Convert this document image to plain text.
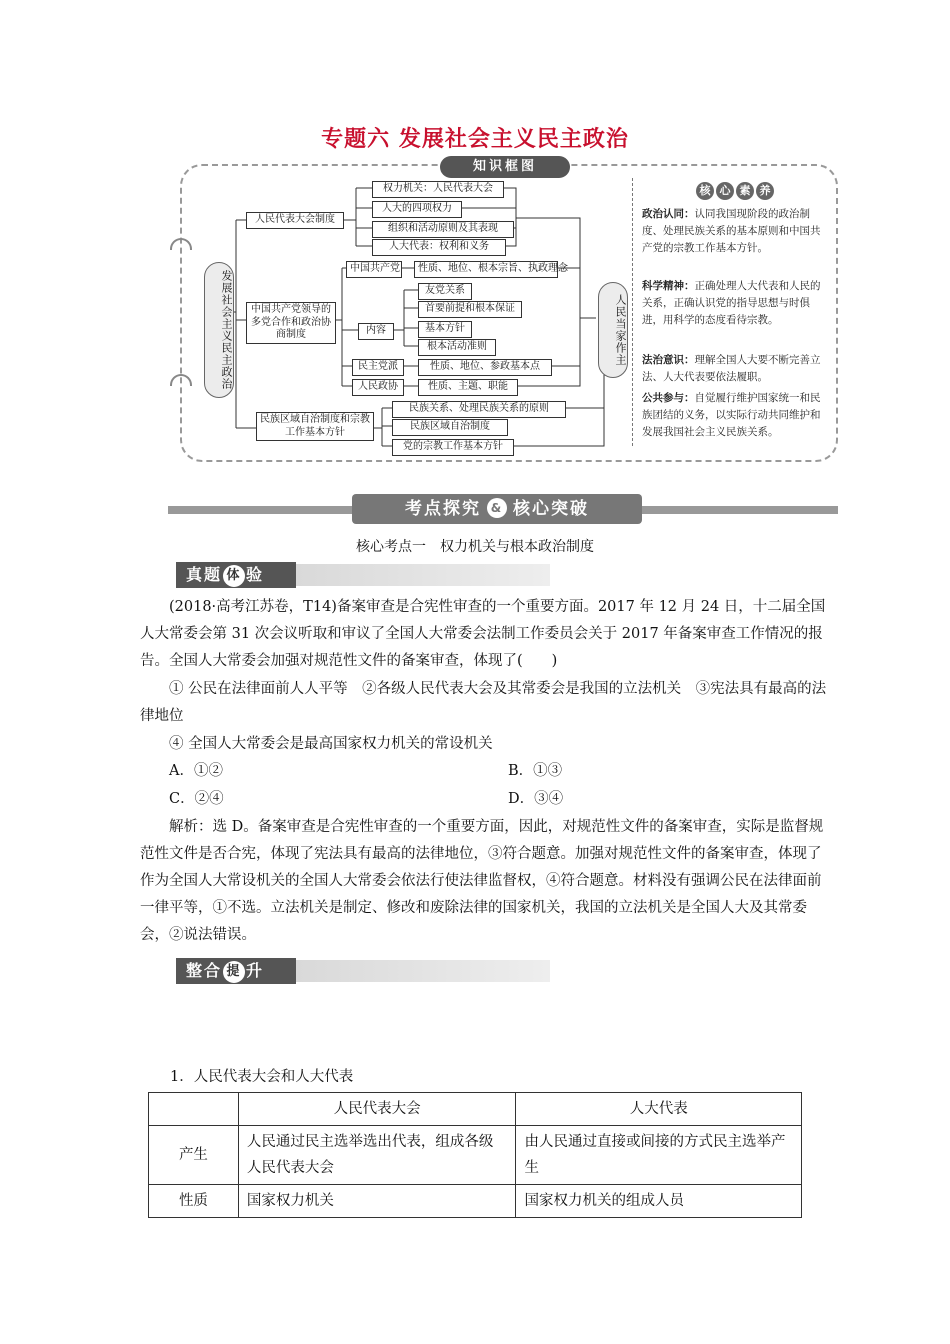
专题六 发展社会主义民主政治
知识框图
发展社会主义民主政治	人民当家作主
人民代表大会制度
权力机关：人民代表大会
人大的四项权力
组织和活动原则及其表现
人大代表：权利和义务
中国共产党领导的多党合作和政治协商制度
中国共产党	性质、地位、根本宗旨、执政理念
内容
友党关系
首要前提和根本保证
基本方针
根本活动准则
民主党派	性质、地位、参政基本点
人民政协	性质、主题、职能
民族区域自治制度和宗教工作基本方针
民族关系、处理民族关系的原则
民族区域自治制度
党的宗教工作基本方针
核 心 素 养
政治认同：认同我国现阶段的政治制度、处理民族关系的基本原则和中国共产党的宗教工作基本方针。
科学精神：正确处理人大代表和人民的关系，正确认识党的指导思想与时俱进，用科学的态度看待宗教。
法治意识：理解全国人大要不断完善立法、人大代表要依法履职。
公共参与：自觉履行维护国家统一和民族团结的义务，以实际行动共同维护和发展我国社会主义民族关系。
考点探究 & 核心突破
核心考点一　权力机关与根本政治制度
真题 体 验
(2018·高考江苏卷，T14)备案审查是合宪性审查的一个重要方面。2017 年 12 月 24 日，十二届全国人大常委会第 31 次会议听取和审议了全国人大常委会法制工作委员会关于 2017 年备案审查工作情况的报告。全国人大常委会加强对规范性文件的备案审查，体现了(　　)
① 公民在法律面前人人平等　②各级人民代表大会及其常委会是我国的立法机关　③宪法具有最高的法律地位
④ 全国人大常委会是最高国家权力机关的常设机关
A．①②	B．①③
C．②④	D．③④
解析：选 D。备案审查是合宪性审查的一个重要方面，因此，对规范性文件的备案审查，实际是监督规范性文件是否合宪，体现了宪法具有最高的法律地位，③符合题意。加强对规范性文件的备案审查，体现了作为全国人大常设机关的全国人大常委会依法行使法律监督权，④符合题意。材料没有强调公民在法律面前一律平等，①不选。立法机关是制定、修改和废除法律的国家机关，我国的立法机关是全国人大及其常委会，②说法错误。
整合 提 升
1．人民代表大会和人大代表
	人民代表大会	人大代表
产生	人民通过民主选举选出代表，组成各级人民代表大会	由人民通过直接或间接的方式民主选举产生
性质	国家权力机关	国家权力机关的组成人员
